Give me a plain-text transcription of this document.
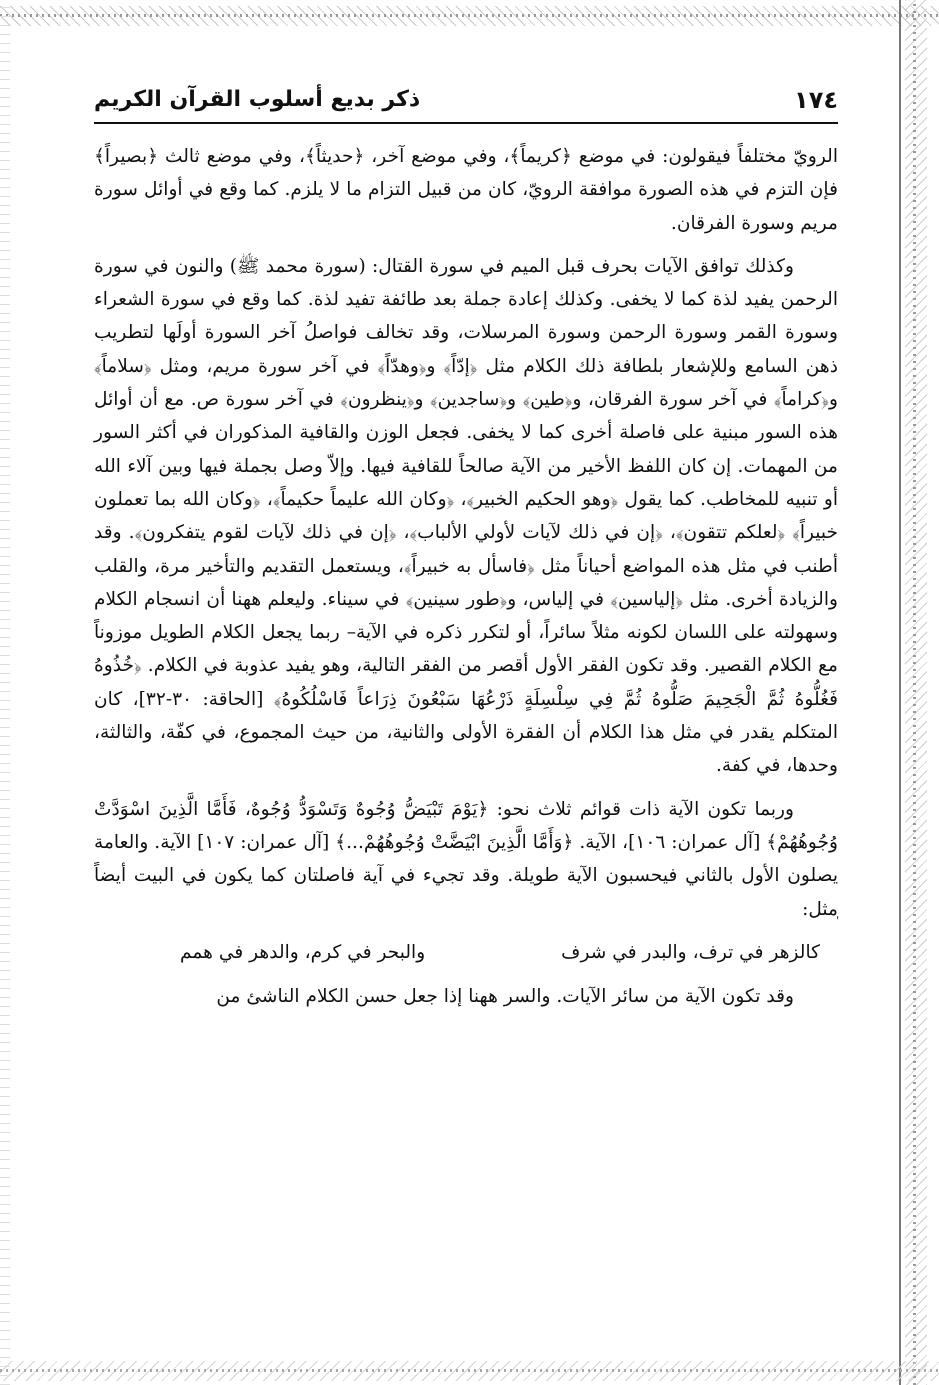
١٧٤
ذكر بديع أسلوب القرآن الكريم

الرويّ مختلفاً فيقولون: في موضع ﴿كريماً﴾، وفي موضع آخر، ﴿حديثاً﴾، وفي موضع ثالث ﴿بصيراً﴾ فإن التزم في هذه الصورة موافقة الرويّ، كان من قبيل التزام ما لا يلزم. كما وقع في أوائل سورة مريم وسورة الفرقان.

وكذلك توافق الآيات بحرف قبل الميم في سورة القتال: (سورة محمد ﷺ) والنون في سورة الرحمن يفيد لذة كما لا يخفى. وكذلك إعادة جملة بعد طائفة تفيد لذة. كما وقع في سورة الشعراء وسورة القمر وسورة الرحمن وسورة المرسلات، وقد تخالف فواصلُ آخر السورة أولَها لتطريب ذهن السامع وللإشعار بلطافة ذلك الكلام مثل ﴿إدّاً﴾ و﴿وهدّاً﴾ في آخر سورة مريم، ومثل ﴿سلاماً﴾ و﴿كراماً﴾ في آخر سورة الفرقان، و﴿طين﴾ و﴿ساجدين﴾ و﴿ينظرون﴾ في آخر سورة ص. مع أن أوائل هذه السور مبنية على فاصلة أخرى كما لا يخفى. فجعل الوزن والقافية المذكوران في أكثر السور من المهمات. إن كان اللفظ الأخير من الآية صالحاً للقافية فيها. وإلاّ وصل بجملة فيها وبين آلاء الله أو تنبيه للمخاطب. كما يقول ﴿وهو الحكيم الخبير﴾، ﴿وكان الله عليماً حكيماً﴾، ﴿وكان الله بما تعملون خبيراً﴾ ﴿لعلكم تتقون﴾، ﴿إن في ذلك لآيات لأولي الألباب﴾، ﴿إن في ذلك لآيات لقوم يتفكرون﴾. وقد أطنب في مثل هذه المواضع أحياناً مثل ﴿فاسأل به خبيراً﴾، ويستعمل التقديم والتأخير مرة، والقلب والزيادة أخرى. مثل ﴿إلياسين﴾ في إلياس، و﴿طور سينين﴾ في سيناء. وليعلم ههنا أن انسجام الكلام وسهولته على اللسان لكونه مثلاً سائراً، أو لتكرر ذكره في الآية– ربما يجعل الكلام الطويل موزوناً مع الكلام القصير. وقد تكون الفقر الأول أقصر من الفقر التالية، وهو يفيد عذوبة في الكلام. ﴿خُذُوهُ فَغُلُّوهُ ثُمَّ الْجَحِيمَ صَلُّوهُ ثُمَّ فِي سِلْسِلَةٍ ذَرْعُهَا سَبْعُونَ ذِرَاعاً فَاسْلُكُوهُ﴾ [الحاقة: ٣٠-٣٢]، كان المتكلم يقدر في مثل هذا الكلام أن الفقرة الأولى والثانية، من حيث المجموع، في كفّة، والثالثة، وحدها، في كفة.

وربما تكون الآية ذات قوائم ثلاث نحو: ﴿يَوْمَ تَبْيَضُّ وُجُوهٌ وَتَسْوَدُّ وُجُوهٌ، فَأَمَّا الَّذِينَ اسْوَدَّتْ وُجُوهُهُمْ﴾ [آل عمران: ١٠٦]، الآية. ﴿وَأَمَّا الَّذِينَ ابْيَضَّتْ وُجُوهُهُمْ...﴾ [آل عمران: ١٠٧] الآية. والعامة يصلون الأول بالثاني فيحسبون الآية طويلة. وقد تجيء في آية فاصلتان كما يكون في البيت أيضاً مثل:

كالزهر في ترف، والبدر في شرف
والبحر في كرم، والدهر في همم

وقد تكون الآية من سائر الآيات. والسر ههنا إذا جعل حسن الكلام الناشئ من

'
